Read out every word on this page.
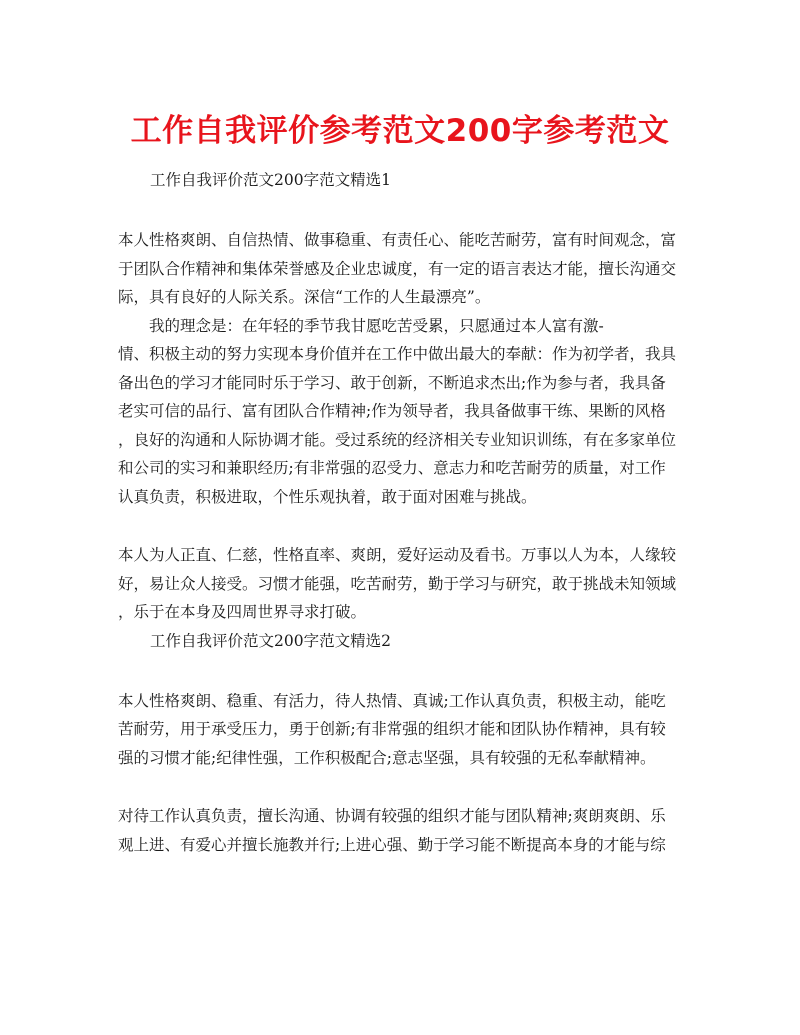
工作自我评价参考范文200字参考范文

工作自我评价范文200字范文精选1

本人性格爽朗、自信热情、做事稳重、有责任心、能吃苦耐劳，富有时间观念，富
于团队合作精神和集体荣誉感及企业忠诚度，有一定的语言表达才能，擅长沟通交
际，具有良好的人际关系。深信“工作的人生最漂亮”。

　　我的理念是：在年轻的季节我甘愿吃苦受累，只愿通过本人富有激-
情、积极主动的努力实现本身价值并在工作中做出最大的奉献：作为初学者，我具
备出色的学习才能同时乐于学习、敢于创新，不断追求杰出;作为参与者，我具备
老实可信的品行、富有团队合作精神;作为领导者，我具备做事干练、果断的风格
，良好的沟通和人际协调才能。受过系统的经济相关专业知识训练，有在多家单位
和公司的实习和兼职经历;有非常强的忍受力、意志力和吃苦耐劳的质量，对工作
认真负责，积极进取，个性乐观执着，敢于面对困难与挑战。

本人为人正直、仁慈，性格直率、爽朗，爱好运动及看书。万事以人为本，人缘较
好，易让众人接受。习惯才能强，吃苦耐劳，勤于学习与研究，敢于挑战未知领域
，乐于在本身及四周世界寻求打破。

工作自我评价范文200字范文精选2

本人性格爽朗、稳重、有活力，待人热情、真诚;工作认真负责，积极主动，能吃
苦耐劳，用于承受压力，勇于创新;有非常强的组织才能和团队协作精神，具有较
强的习惯才能;纪律性强，工作积极配合;意志坚强，具有较强的无私奉献精神。

对待工作认真负责，擅长沟通、协调有较强的组织才能与团队精神;爽朗爽朗、乐
观上进、有爱心并擅长施教并行;上进心强、勤于学习能不断提高本身的才能与综
